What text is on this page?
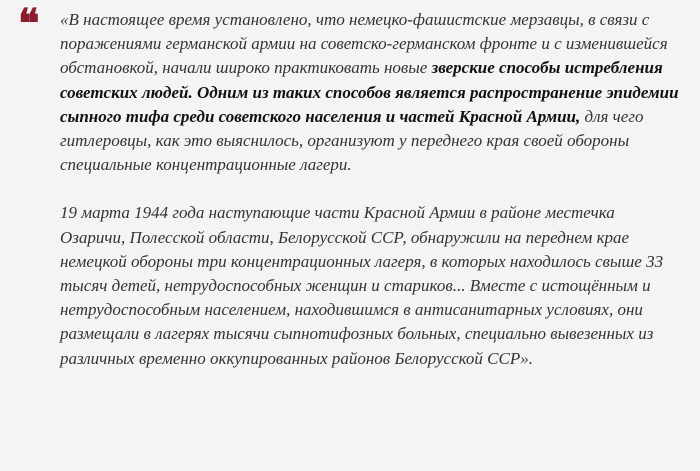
❝ «В настоящее время установлено, что немецко-фашистские мерзавцы, в связи с поражениями германской армии на советско-германском фронте и с изменившейся обстановкой, начали широко практиковать новые зверские способы истребления советских людей. Одним из таких способов является распространение эпидемии сыпного тифа среди советского населения и частей Красной Армии, для чего гитлеровцы, как это выяснилось, организуют у переднего края своей обороны специальные концентрационные лагери.

19 марта 1944 года наступающие части Красной Армии в районе местечка Озаричи, Полесской области, Белорусской ССР, обнаружили на переднем крае немецкой обороны три концентрационных лагеря, в которых находилось свыше 33 тысяч детей, нетрудоспособных женщин и стариков... Вместе с истощённым и нетрудоспособным населением, находившимся в антисанитарных условиях, они размещали в лагерях тысячи сыпнотифозных больных, специально вывезенных из различных временно оккупированных районов Белорусской ССР».
